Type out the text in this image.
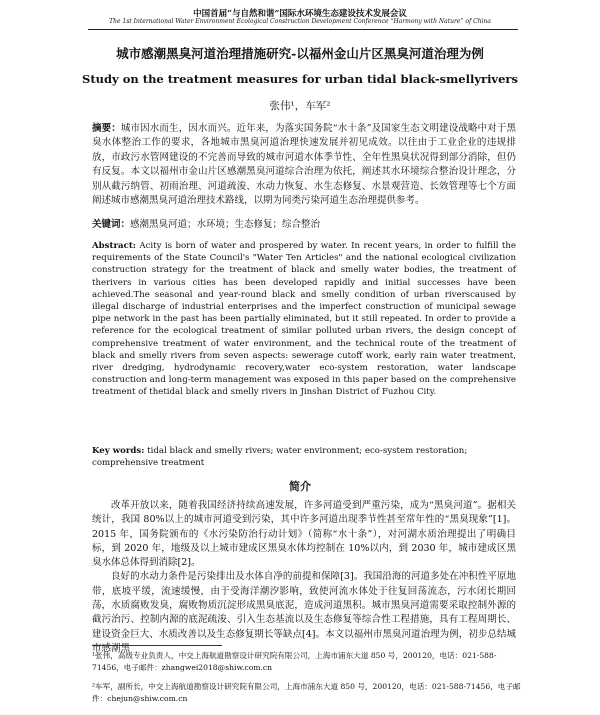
中国首届“与自然和谐”国际水环境生态建设技术发展会议
The 1st International Water Environment Ecological Construction Development Conference “Harmony with Nature” of China
城市感潮黑臭河道治理措施研究-以福州金山片区黑臭河道治理为例
Study on the treatment measures for urban tidal black-smellyrivers
张伟¹，车军²

摘要：城市因水而生，因水而兴。近年来，为落实国务院“水十条”及国家生态文明建设战略中对于黑臭水体整治工作的要求，各地城市黑臭河道治理快速发展并初见成效。以往由于工业企业的违规排放，市政污水管网建设的不完善而导致的城市河道水体季节性、全年性黑臭状况得到部分消除，但仍有反复。本文以福州市金山片区感潮黑臭河道综合治理为依托，阐述其水环境综合整治设计理念，分别从截污纳管、初雨治理、河道疏浚、水动力恢复、水生态修复、水景观营造、长效管理等七个方面阐述城市感潮黑臭河道治理技术路线，以期为同类污染河道生态治理提供参考。

关键词：感潮黑臭河道；水环境；生态修复；综合整治

Abstract: Acity is born of water and prospered by water. In recent years, in order to fulfill the requirements of the State Council's "Water Ten Articles" and the national ecological civilization construction strategy for the treatment of black and smelly water bodies, the treatment of therivers in various cities has been developed rapidly and initial successes have been achieved.The seasonal and year-round black and smelly condition of urban riverscaused by illegal discharge of industrial enterprises and the imperfect construction of municipal sewage pipe network in the past has been partially eliminated, but it still repeated. In order to provide a reference for the ecological treatment of similar polluted urban rivers, the design concept of comprehensive treatment of water environment, and the technical route of the treatment of black and smelly rivers from seven aspects: sewerage cutoff work, early rain water treatment, river dredging, hydrodynamic recovery,water eco-system restoration, water landscape construction and long-term management was exposed in this paper based on the comprehensive treatment of thetidal black and smelly rivers in Jinshan District of Fuzhou City.

Key words: tidal black and smelly rivers; water environment; eco-system restoration; comprehensive treatment

简介

改革开放以来，随着我国经济持续高速发展，许多河道受到严重污染，成为“黑臭河道”。据相关统计，我国 80%以上的城市河道受到污染，其中许多河道出现季节性甚至常年性的“黑臭现象”[1]。2015 年，国务院颁布的《水污染防治行动计划》（简称“水十条”），对河湖水质治理提出了明确目标，到 2020 年，地级及以上城市建成区黑臭水体均控制在 10%以内，到 2030 年，城市建成区黑臭水体总体得到消除[2]。

良好的水动力条件是污染排出及水体自净的前提和保障[3]。我国沿海的河道多处在冲积性平原地带，底坡平缓，流速缓慢，由于受海洋潮汐影响，致使河流水体处于往复回荡流态，污水闭长期回荡，水质腐败发臭，腐败物质沉淀形成黑臭底泥，造成河道黑积。城市黑臭河道需要采取控制外源的截污治污、控制内源的底泥疏浚、引入生态基流以及生态修复等综合性工程措施，具有工程周期长、建设资金巨大、水质改善以及生态修复期长等缺点[4]。本文以福州市黑臭河道治理为例，初步总结城市感潮黑

¹张伟，高级专业负责人，中交上海航道勘察设计研究院有限公司，上海市浦东大道 850 号，200120，电话：021-588-71456，电子邮件：zhangwei2018@shiw.com.cn

²车军，副所长，中交上海航道勘察设计研究院有限公司，上海市浦东大道 850 号，200120，电话：021-588-71456，电子邮件：chejun@shiw.com.cn
